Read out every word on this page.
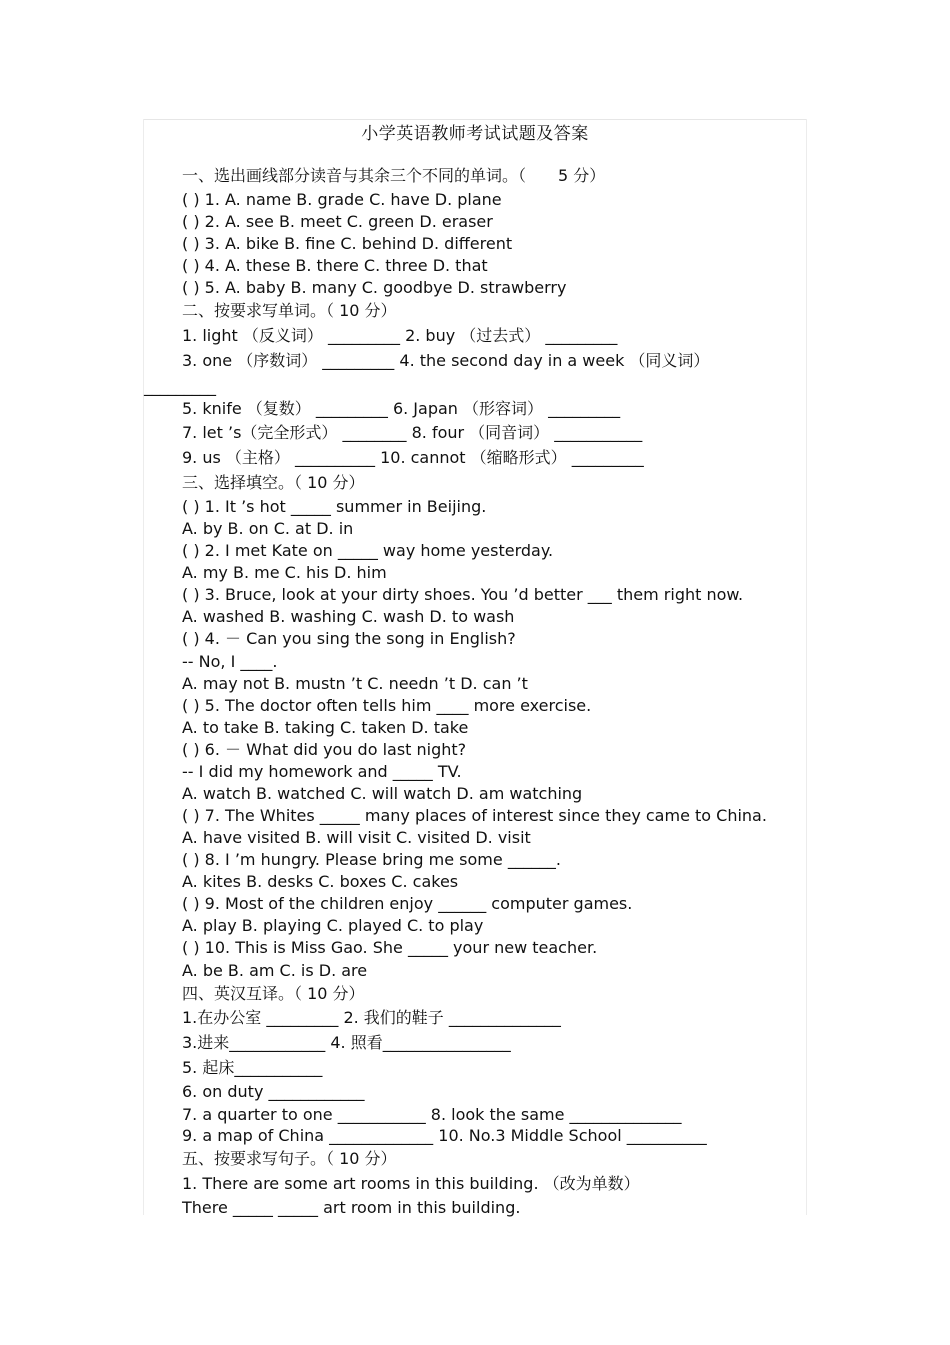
小学英语教师考试试题及答案
一、选出画线部分读音与其余三个不同的单词。（　　5 分）
( ) 1. A. name B. grade C. have D. plane
( ) 2. A. see B. meet C. green D. eraser
( ) 3. A. bike B. fine C. behind D. different
( ) 4. A. these B. there C. three D. that
( ) 5. A. baby B. many C. goodbye D. strawberry
二、按要求写单词。（ 10 分）
1. light （反义词） _________ 2. buy （过去式） _________
3. one （序数词） _________ 4. the second day in a week （同义词）
_________
5. knife （复数） _________ 6. Japan （形容词） _________
7. let ’s（完全形式） ________ 8. four （同音词） ___________
9. us （主格） __________ 10. cannot （缩略形式） _________
三、选择填空。（ 10 分）
( ) 1. It ’s hot _____ summer in Beijing.
A. by B. on C. at D. in
( ) 2. I met Kate on _____ way home yesterday.
A. my B. me C. his D. him
( ) 3. Bruce, look at your dirty shoes. You ’d better ___ them right now.
A. washed B. washing C. wash D. to wash
( ) 4. － Can you sing the song in English?
-- No, I ____.
A. may not B. mustn ’t C. needn ’t D. can ’t
( ) 5. The doctor often tells him ____ more exercise.
A. to take B. taking C. taken D. take
( ) 6. － What did you do last night?
-- I did my homework and _____ TV.
A. watch B. watched C. will watch D. am watching
( ) 7. The Whites _____ many places of interest since they came to China.
A. have visited B. will visit C. visited D. visit
( ) 8. I ’m hungry. Please bring me some ______.
A. kites B. desks C. boxes C. cakes
( ) 9. Most of the children enjoy ______ computer games.
A. play B. playing C. played C. to play
( ) 10. This is Miss Gao. She _____ your new teacher.
A. be B. am C. is D. are
四、英汉互译。（ 10 分）
1.在办公室 _________ 2. 我们的鞋子 ______________
3.进来____________ 4. 照看________________
5. 起床___________
6. on duty ____________
7. a quarter to one ___________ 8. look the same ______________
9. a map of China _____________ 10. No.3 Middle School __________
五、按要求写句子。（ 10 分）
1. There are some art rooms in this building. （改为单数）
There _____ _____ art room in this building.
